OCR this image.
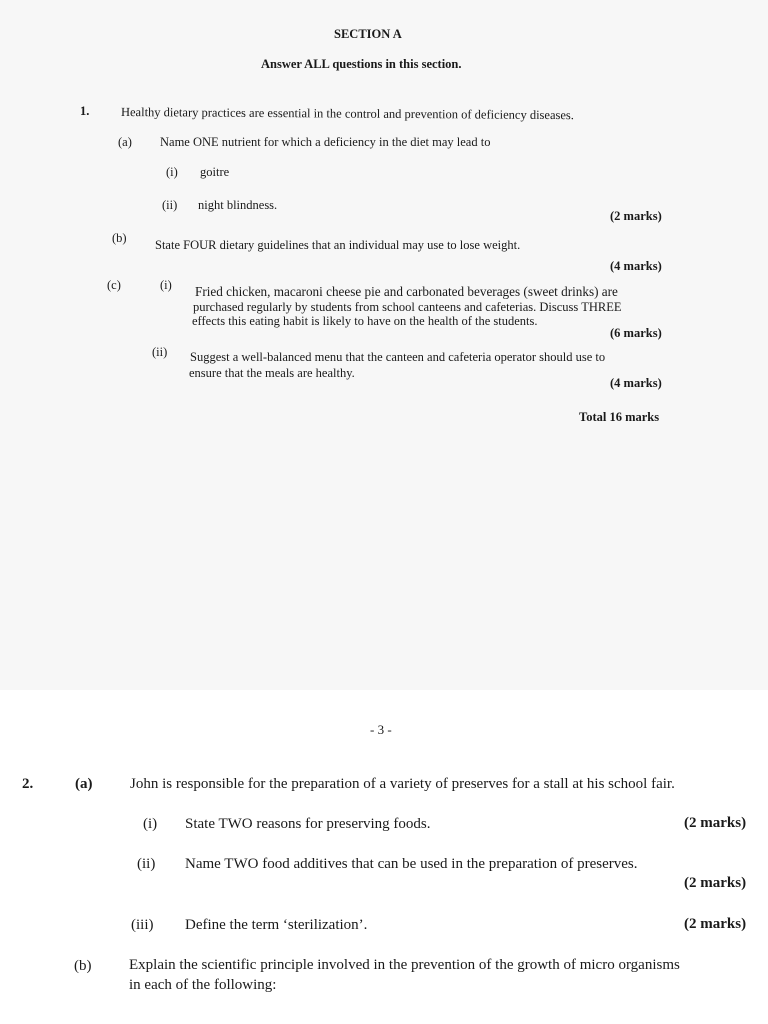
SECTION A
Answer ALL questions in this section.
1.	Healthy dietary practices are essential in the control and prevention of deficiency diseases.
(a) Name ONE nutrient for which a deficiency in the diet may lead to
(i) goitre
(ii) night blindness.
(2 marks)
(b) State FOUR dietary guidelines that an individual may use to lose weight.
(4 marks)
(c)	(i) Fried chicken, macaroni cheese pie and carbonated beverages (sweet drinks) are
purchased regularly by students from school canteens and cafeterias. Discuss THREE
effects this eating habit is likely to have on the health of the students.
(6 marks)
(ii) Suggest a well-balanced menu that the canteen and cafeteria operator should use to
ensure that the meals are healthy.
(4 marks)
Total 16 marks
- 3 -
2.	(a)	John is responsible for the preparation of a variety of preserves for a stall at his school fair.
(i) State TWO reasons for preserving foods.	(2 marks)
(ii) Name TWO food additives that can be used in the preparation of preserves.
(2 marks)
(iii) Define the term ‘sterilization’.	(2 marks)
(b)	Explain the scientific principle involved in the prevention of the growth of micro organisms
in each of the following:
